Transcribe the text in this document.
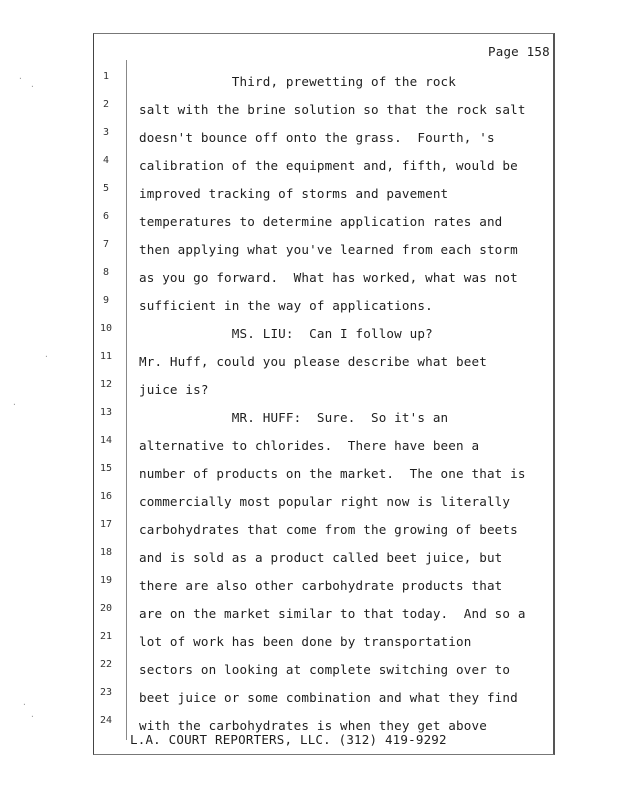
Page 158
1	Third, prewetting of the rock
2	salt with the brine solution so that the rock salt
3	doesn't bounce off onto the grass.  Fourth, 's
4	calibration of the equipment and, fifth, would be
5	improved tracking of storms and pavement
6	temperatures to determine application rates and
7	then applying what you've learned from each storm
8	as you go forward.  What has worked, what was not
9	sufficient in the way of applications.
10	MS. LIU:  Can I follow up?
11	Mr. Huff, could you please describe what beet
12	juice is?
13	MR. HUFF:  Sure.  So it's an
14	alternative to chlorides.  There have been a
15	number of products on the market.  The one that is
16	commercially most popular right now is literally
17	carbohydrates that come from the growing of beets
18	and is sold as a product called beet juice, but
19	there are also other carbohydrate products that
20	are on the market similar to that today.  And so a
21	lot of work has been done by transportation
22	sectors on looking at complete switching over to
23	beet juice or some combination and what they find
24	with the carbohydrates is when they get above
L.A. COURT REPORTERS, LLC. (312) 419-9292
·
·
·
·
·
·
